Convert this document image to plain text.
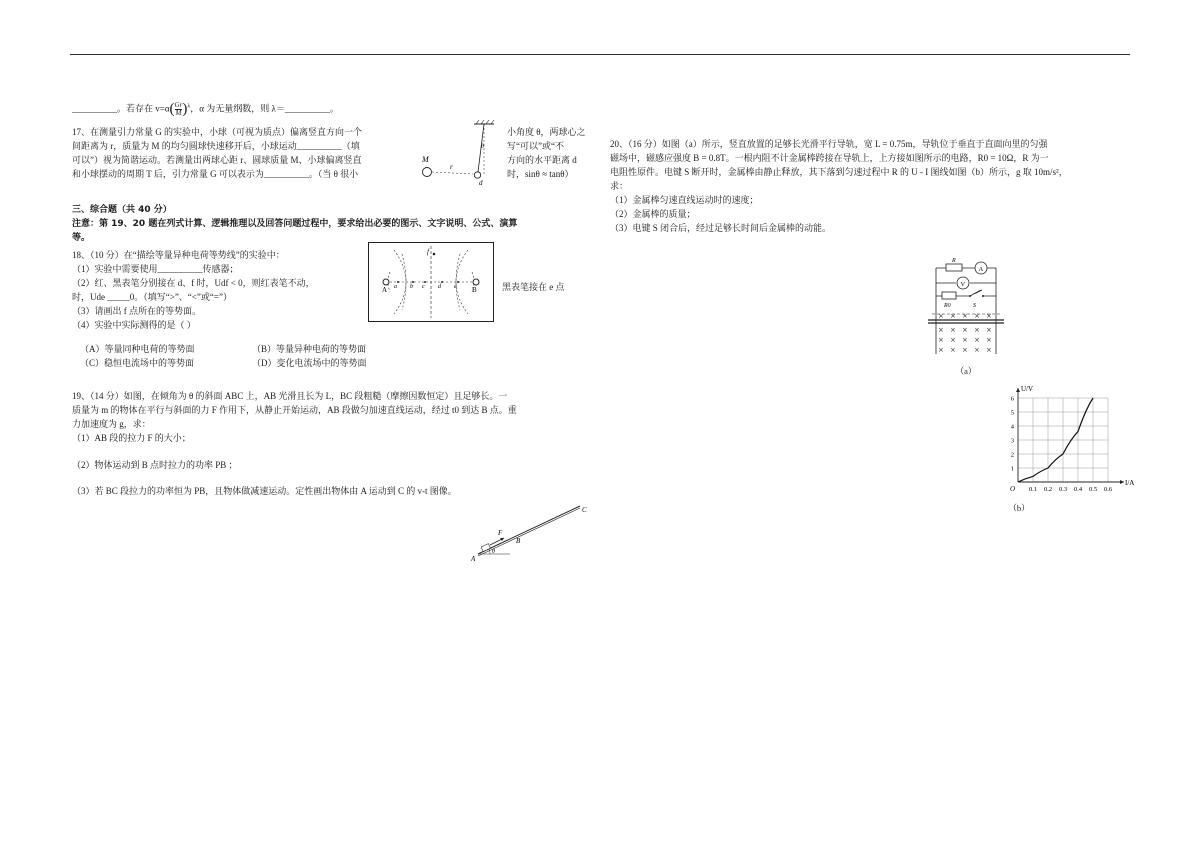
__________。若存在 $v=\alpha( \frac{Gr}{M} )^\lambda$，α 为无量纲数，则 λ＝__________。
17、在测量引力常量 G 的实验中，小球（可视为质点）偏离竖直方向一个
间距离为 r，质量为 M 的均匀圆球快速移开后，小球运动__________（填
可以”）视为简谐运动。若测量出两球心距 r、圆球质量 M、小球偏离竖直
和小球摆动的周期 T 后，引力常量 G 可以表示为__________。（当 θ 很小
小角度 θ，两球心之
写“可以”或“不
方向的水平距离 d
时，sinθ ≈ tanθ）
M
r
θ
d
三、综合题（共 40 分）
注意：第 19、20 题在列式计算、逻辑推理以及回答问题过程中，要求给出必要的图示、文字说明、公式、演算
等。
18、（10 分）在“描绘等量异种电荷等势线”的实验中：
（1）实验中需要使用__________传感器；
（2）红、黑表笔分别接在 d、f 时，Udf < 0，则红表笔不动，
时，Ude _____0。（填写“>”、“<”或“=”）
（3）请画出 f 点所在的等势面。
（4）实验中实际测得的是（ ）
黑表笔接在 e 点
（A）等量同种电荷的等势面	（B）等量异种电荷的等势面
（C）稳恒电流场中的等势面	（D）变化电流场中的等势面
A	B
a b c d e
f
19、（14 分）如图，在倾角为 θ 的斜面 ABC 上，AB 光滑且长为 L，BC 段粗糙（摩擦因数恒定）且足够长。一
质量为 m 的物体在平行与斜面的力 F 作用下，从静止开始运动，AB 段做匀加速直线运动，经过 t0 到达 B 点。重
力加速度为 g，求：
（1）AB 段的拉力 F 的大小；
（2）物体运动到 B 点时拉力的功率 PB ；
（3）若 BC 段拉力的功率恒为 PB，且物体做减速运动。定性画出物体由 A 运动到 C 的 v-t 图像。
A
B
C
F
θ
20、（16 分）如图（a）所示，竖直放置的足够长光滑平行导轨，宽 L = 0.75m，导轨位于垂直于直面向里的匀强
磁场中，磁感应强度 B = 0.8T。一根内阻不计金属棒跨接在导轨上，上方接如图所示的电路，R0 = 10Ω，R 为一
电阻性原件。电键 S 断开时，金属棒由静止释放，其下落到匀速过程中 R 的 U - I 图线如图（b）所示，g 取 10m/s²，
求：
（1）金属棒匀速直线运动时的速度；
（2）金属棒的质量；
（3）电键 S 闭合后，经过足够长时间后金属棒的动能。
R
A
V
R0	S
× × × × ×
× × × × ×
× × × × ×
× × × × ×
（a）
0.1 0.2 0.3 0.4 0.5 0.6
1
2
3
4
5
6
O
I/A
U/V
（b）
